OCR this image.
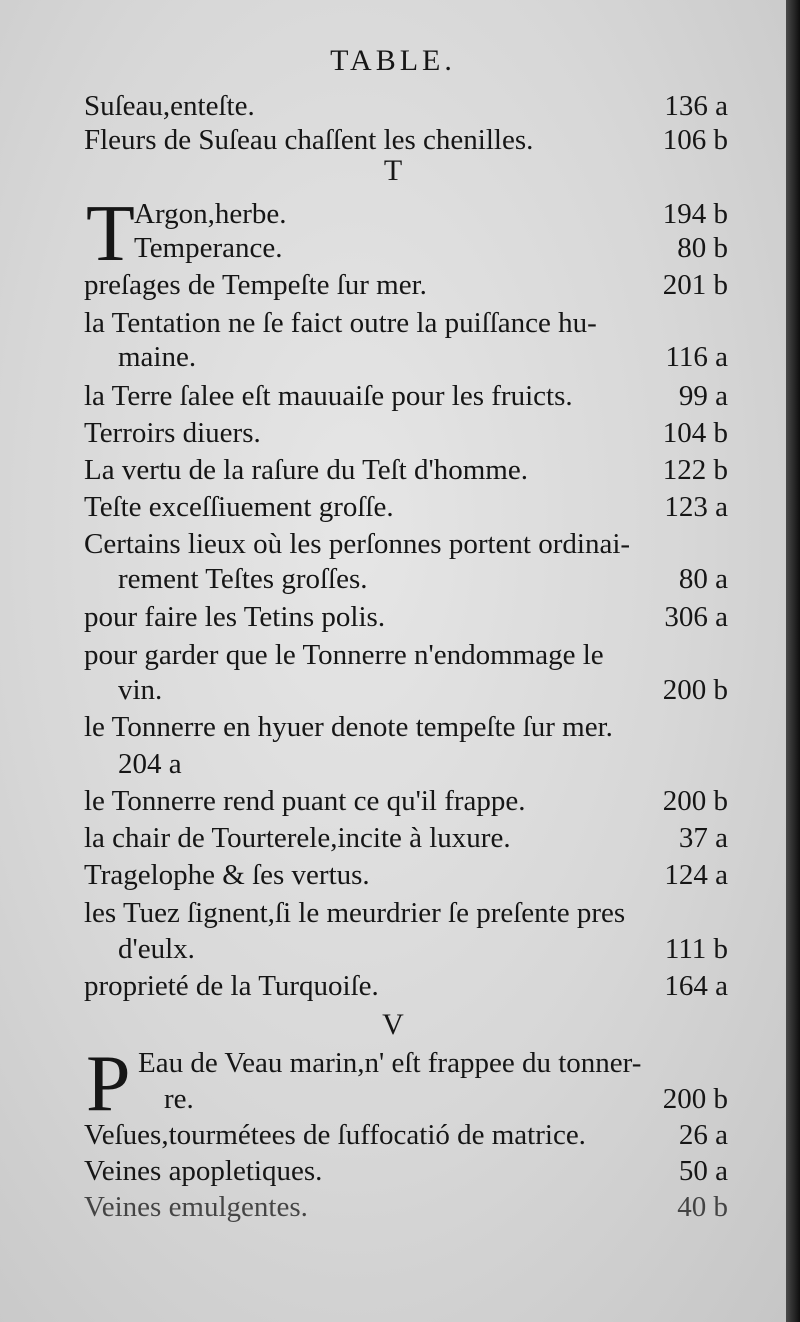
TABLE.
Suſeau,enteſte.	136 a
Fleurs de Suſeau chaſſent les chenilles.	106 b
T
T Argon,herbe.	194 b
Temperance.	80 b
preſages de Tempeſte ſur mer.	201 b
la Tentation ne ſe faict outre la puiſſance hu-
maine.	116 a
la Terre ſalee eſt mauuaiſe pour les fruicts.	99 a
Terroirs diuers.	104 b
La vertu de la raſure du Teſt d'homme.	122 b
Teſte exceſſiuement groſſe.	123 a
Certains lieux où les perſonnes portent ordinai-
rement Teſtes groſſes.	80 a
pour faire les Tetins polis.	306 a
pour garder que le Tonnerre n'endommage le
vin.	200 b
le Tonnerre en hyuer denote tempeſte ſur mer.
204 a
le Tonnerre rend puant ce qu'il frappe.	200 b
la chair de Tourterele,incite à luxure.	37 a
Tragelophe & ſes vertus.	124 a
les Tuez ſignent,ſi le meurdrier ſe preſente pres
d'eulx.	111 b
proprieté de la Turquoiſe.	164 a
V
P Eau de Veau marin,n' eſt frappee du tonner-
re.	200 b
Veſues,tourmétees de ſuffocatió de matrice.	26 a
Veines apopletiques.	50 a
Veines emulgentes.	40 b
